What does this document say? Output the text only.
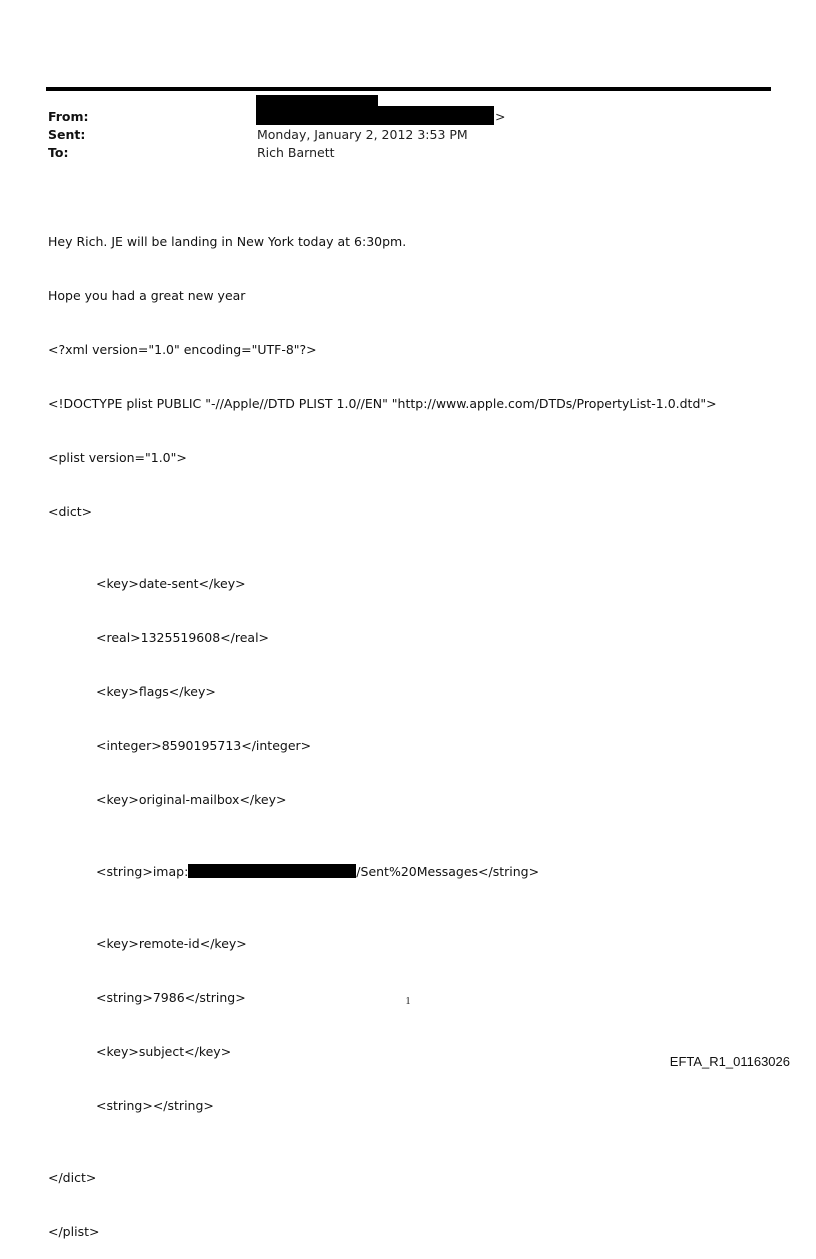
From:
Sent:
To:
>
Monday, January 2, 2012 3:53 PM
Rich Barnett

Hey Rich. JE will be landing in New York today at 6:30pm.

Hope you had a great new year

<?xml version="1.0" encoding="UTF-8"?>

<!DOCTYPE plist PUBLIC "-//Apple//DTD PLIST 1.0//EN" "http://www.apple.com/DTDs/PropertyList-1.0.dtd">

<plist version="1.0">

<dict>

<key>date-sent</key>

<real>1325519608</real>

<key>flags</key>

<integer>8590195713</integer>

<key>original-mailbox</key>

<string>imap:	/Sent%20Messages</string>

<key>remote-id</key>

<string>7986</string>

<key>subject</key>

<string></string>

</dict>

</plist>

1
EFTA_R1_01163026
